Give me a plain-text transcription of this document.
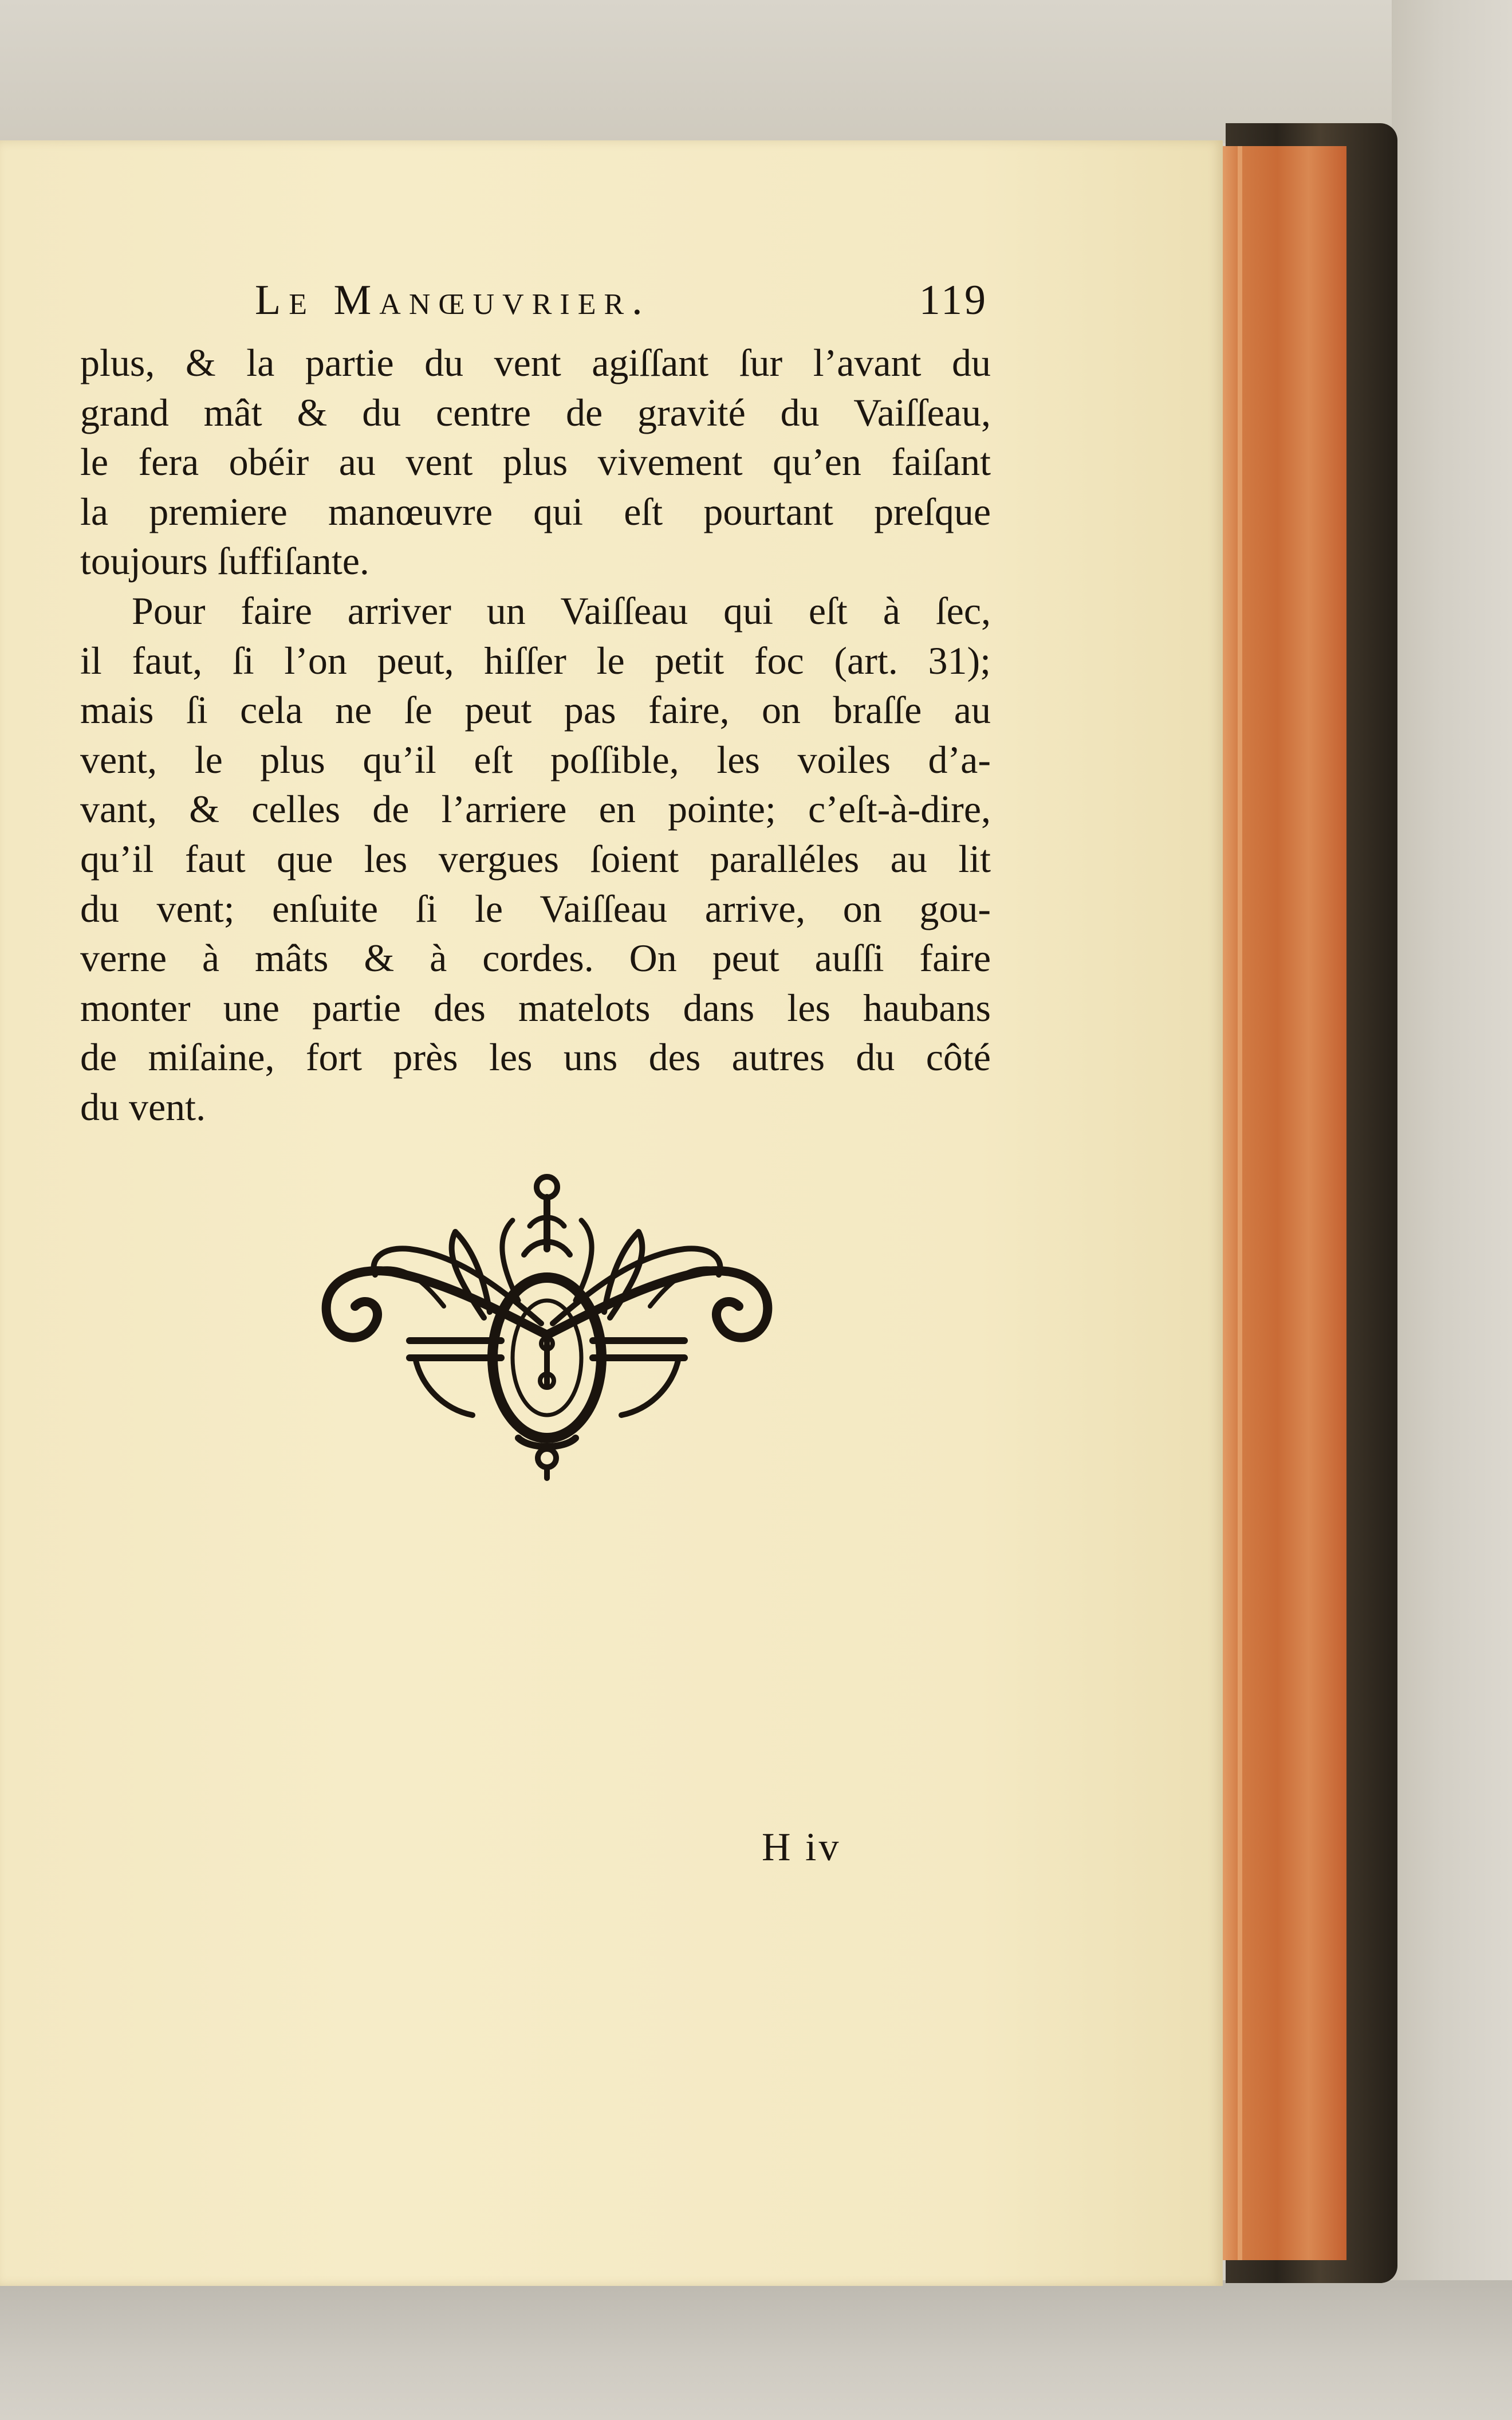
Le Manœuvrier.	119
plus, & la partie du vent agiſſant ſur l’avant du
grand mât & du centre de gravité du Vaiſſeau,
le fera obéir au vent plus vivement qu’en faiſant
la premiere manœuvre qui eſt pourtant preſque
toujours ſuffiſante.
Pour faire arriver un Vaiſſeau qui eſt à ſec,
il faut, ſi l’on peut, hiſſer le petit foc (art. 31);
mais ſi cela ne ſe peut pas faire, on braſſe au
vent, le plus qu’il eſt poſſible, les voiles d’a-
vant, & celles de l’arriere en pointe; c’eſt-à-dire,
qu’il faut que les vergues ſoient paralléles au lit
du vent; enſuite ſi le Vaiſſeau arrive, on gou-
verne à mâts & à cordes. On peut auſſi faire
monter une partie des matelots dans les haubans
de miſaine, fort près les uns des autres du côté
du vent.
H iv
